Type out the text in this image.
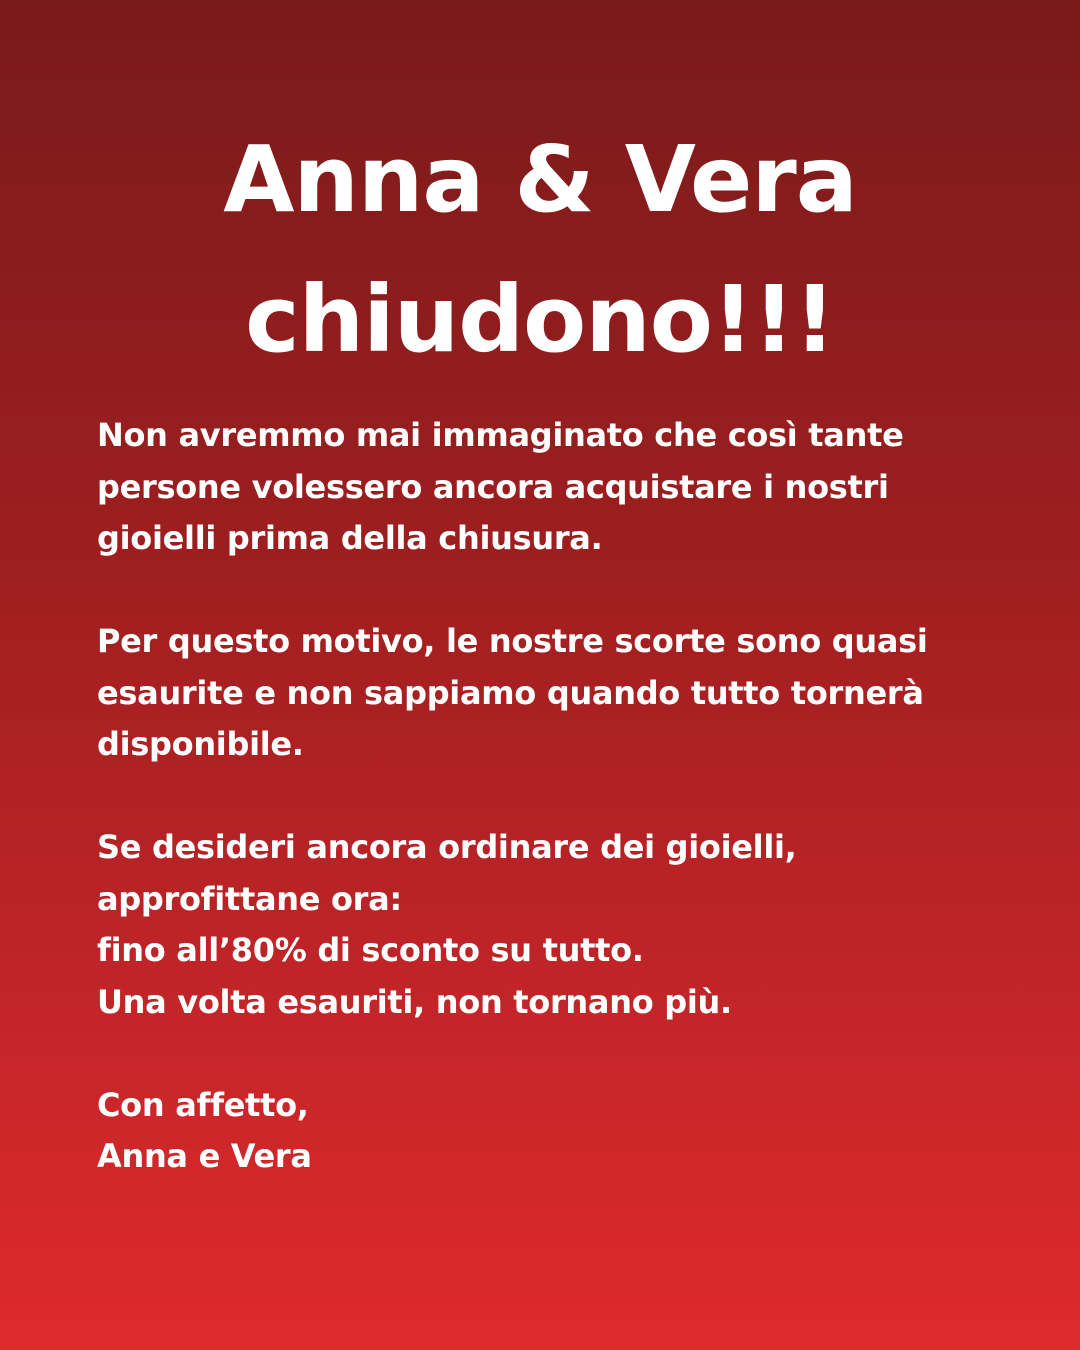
Anna & Vera
chiudono!!!

Non avremmo mai immaginato che così tante
persone volessero ancora acquistare i nostri
gioielli prima della chiusura.

Per questo motivo, le nostre scorte sono quasi
esaurite e non sappiamo quando tutto tornerà
disponibile.

Se desideri ancora ordinare dei gioielli,
approfittane ora:
fino all’80% di sconto su tutto.
Una volta esauriti, non tornano più.

Con affetto,
Anna e Vera
